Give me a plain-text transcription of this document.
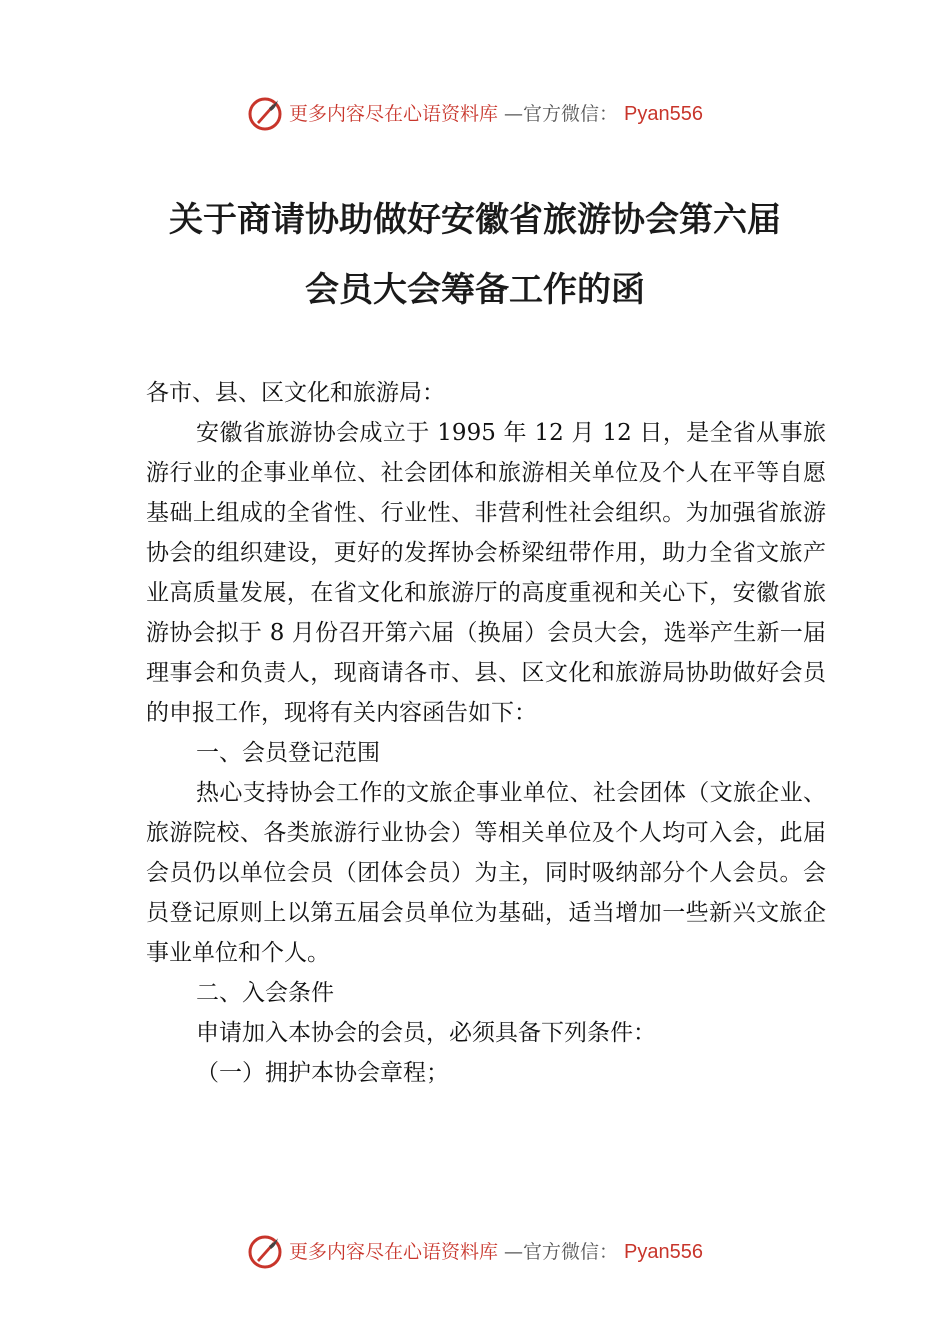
更多内容尽在心语资料库 —官方微信： Pyan556
关于商请协助做好安徽省旅游协会第六届
会员大会筹备工作的函

各市、县、区文化和旅游局：

安徽省旅游协会成立于 1995 年 12 月 12 日，是全省从事旅游行业的企事业单位、社会团体和旅游相关单位及个人在平等自愿基础上组成的全省性、行业性、非营利性社会组织。为加强省旅游协会的组织建设，更好的发挥协会桥梁纽带作用，助力全省文旅产业高质量发展，在省文化和旅游厅的高度重视和关心下，安徽省旅游协会拟于 8 月份召开第六届（换届）会员大会，选举产生新一届理事会和负责人，现商请各市、县、区文化和旅游局协助做好会员的申报工作，现将有关内容函告如下：

一、会员登记范围

热心支持协会工作的文旅企事业单位、社会团体（文旅企业、旅游院校、各类旅游行业协会）等相关单位及个人均可入会，此届会员仍以单位会员（团体会员）为主，同时吸纳部分个人会员。会员登记原则上以第五届会员单位为基础，适当增加一些新兴文旅企事业单位和个人。

二、入会条件

申请加入本协会的会员，必须具备下列条件：

（一）拥护本协会章程；

更多内容尽在心语资料库 —官方微信： Pyan556
